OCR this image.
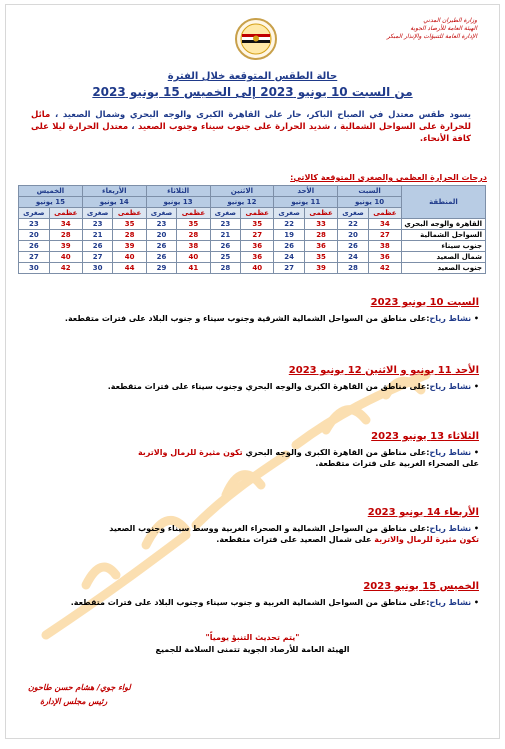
وزارة الطيران المدني
الهيئة العامة للأرصاد الجوية
الإدارة العامة للتنبؤات والإنذار المبكر
حالة الطقس المتوقعة خلال الفترة
من السبت 10 يونيو 2023 إلى الخميس 15 يونيو 2023
يسود طقس معتدل في الصباح الباكر، حار على القاهرة الكبرى والوجه البحري وشمال الصعيد ، مائل للحرارة على السواحل الشمالية ، شديد الحرارة على جنوب سيناء وجنوب الصعيد ، معتدل الحرارة ليلا على كافة الأنحاء.
درجات الحرارة العظمى والصغرى المتوقعة كالاتي:
المنطقة	السبت		الأحد		الاثنين		الثلاثاء		الأربعاء		الخميس	
	10 يونيو		11 يونيو		12 يونيو		13 يونيو		14 يونيو		15 يونيو	
	عظمى	صغرى	عظمى	صغرى	عظمى	صغرى	عظمى	صغرى	عظمى	صغرى	عظمى	صغرى
القاهرة والوجه البحري	34	22	33	22	35	23	35	23	35	23	34	23
السواحل الشمالية	27	20	28	19	27	21	28	20	28	21	28	20
جنوب سيناء	38	26	36	26	36	26	38	26	39	26	39	26
شمال الصعيد	36	24	35	24	36	25	40	26	40	27	40	27
جنوب الصعيد	42	28	39	27	40	28	41	29	44	30	42	30
السبت 10 يونيو 2023
• نشاط رياح:على مناطق من السواحل الشمالية الشرقية وجنوب سيناء و جنوب البلاد على فترات متقطعة.
الأحد 11 يونيو و الاثنين 12 يونيو 2023
• نشاط رياح:على مناطق من القاهرة الكبرى والوجه البحري وجنوب سيناء على فترات متقطعة.
الثلاثاء 13 يونيو 2023
• نشاط رياح:على مناطق من القاهرة الكبرى والوجه البحري تكون مثيرة للرمال والاتربة
على الصحراء الغربية على فترات متقطعة.
الأربعاء 14 يونيو 2023
• نشاط رياح:على مناطق من السواحل الشمالية و الصحراء الغربية ووسط سيناء وجنوب الصعيد
تكون مثيرة للرمال والاتربة على شمال الصعيد على فترات متقطعة.
الخميس 15 يونيو 2023
• نشاط رياح:على مناطق من السواحل الشمالية الغربية و جنوب سيناء وجنوب البلاد على فترات متقطعة.
"يتم تحديث التنبؤ يومياً"
الهيئة العامة للأرصاد الجوية تتمنى السلامة للجميع
لواء جوي/ هشام حسن طاحون
رئيس مجلس الإدارة
